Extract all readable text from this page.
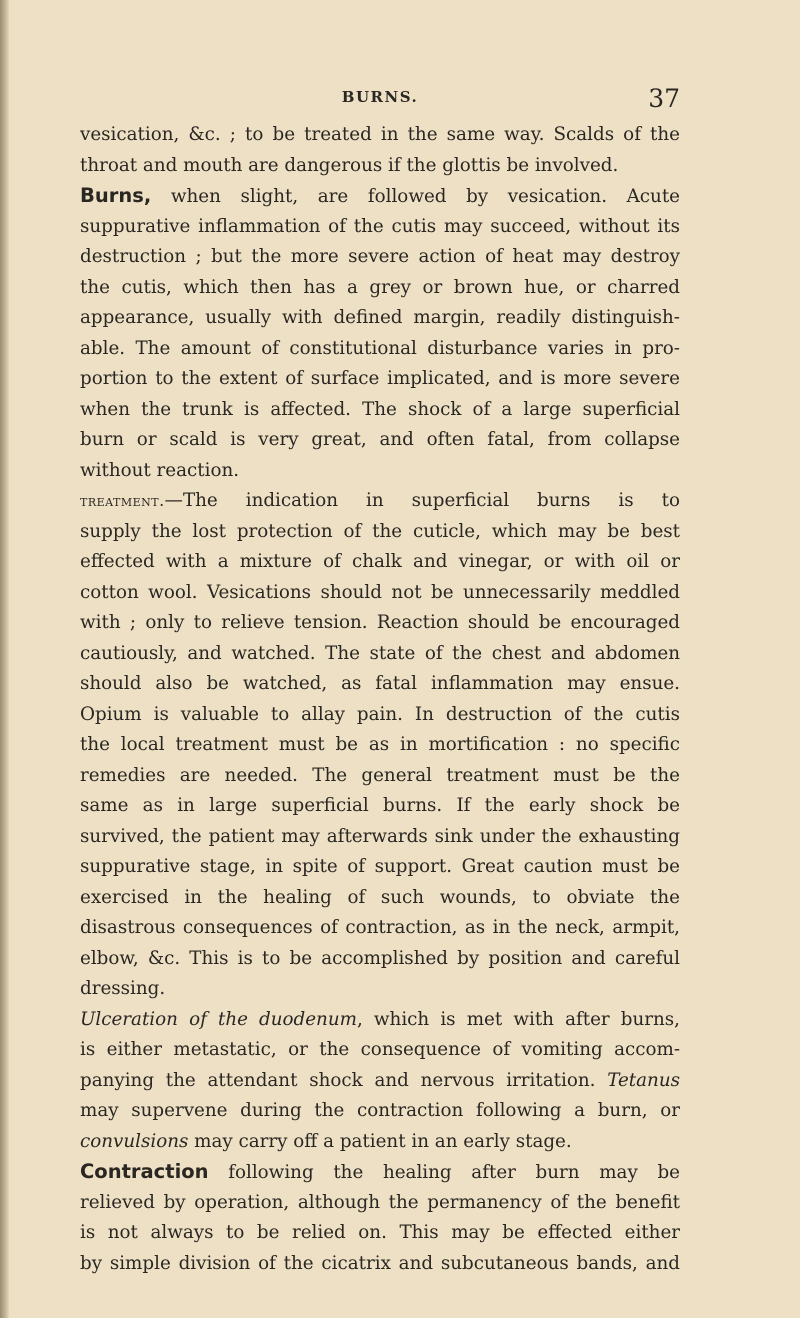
BURNS.	37
vesication, &c. ; to be treated in the same way. Scalds of the
throat and mouth are dangerous if the glottis be involved.
Burns, when slight, are followed by vesication. Acute
suppurative inflammation of the cutis may succeed, without its
destruction ; but the more severe action of heat may destroy
the cutis, which then has a grey or brown hue, or charred
appearance, usually with defined margin, readily distinguish-
able. The amount of constitutional disturbance varies in pro-
portion to the extent of surface implicated, and is more severe
when the trunk is affected. The shock of a large superficial
burn or scald is very great, and often fatal, from collapse
without reaction.
treatment.—The indication in superficial burns is to
supply the lost protection of the cuticle, which may be best
effected with a mixture of chalk and vinegar, or with oil or
cotton wool. Vesications should not be unnecessarily meddled
with ; only to relieve tension. Reaction should be encouraged
cautiously, and watched. The state of the chest and abdomen
should also be watched, as fatal inflammation may ensue.
Opium is valuable to allay pain. In destruction of the cutis
the local treatment must be as in mortification : no specific
remedies are needed. The general treatment must be the
same as in large superficial burns. If the early shock be
survived, the patient may afterwards sink under the exhausting
suppurative stage, in spite of support. Great caution must be
exercised in the healing of such wounds, to obviate the
disastrous consequences of contraction, as in the neck, armpit,
elbow, &c. This is to be accomplished by position and careful
dressing.
Ulceration of the duodenum, which is met with after burns,
is either metastatic, or the consequence of vomiting accom-
panying the attendant shock and nervous irritation. Tetanus
may supervene during the contraction following a burn, or
convulsions may carry off a patient in an early stage.
Contraction following the healing after burn may be
relieved by operation, although the permanency of the benefit
is not always to be relied on. This may be effected either
by simple division of the cicatrix and subcutaneous bands, and
